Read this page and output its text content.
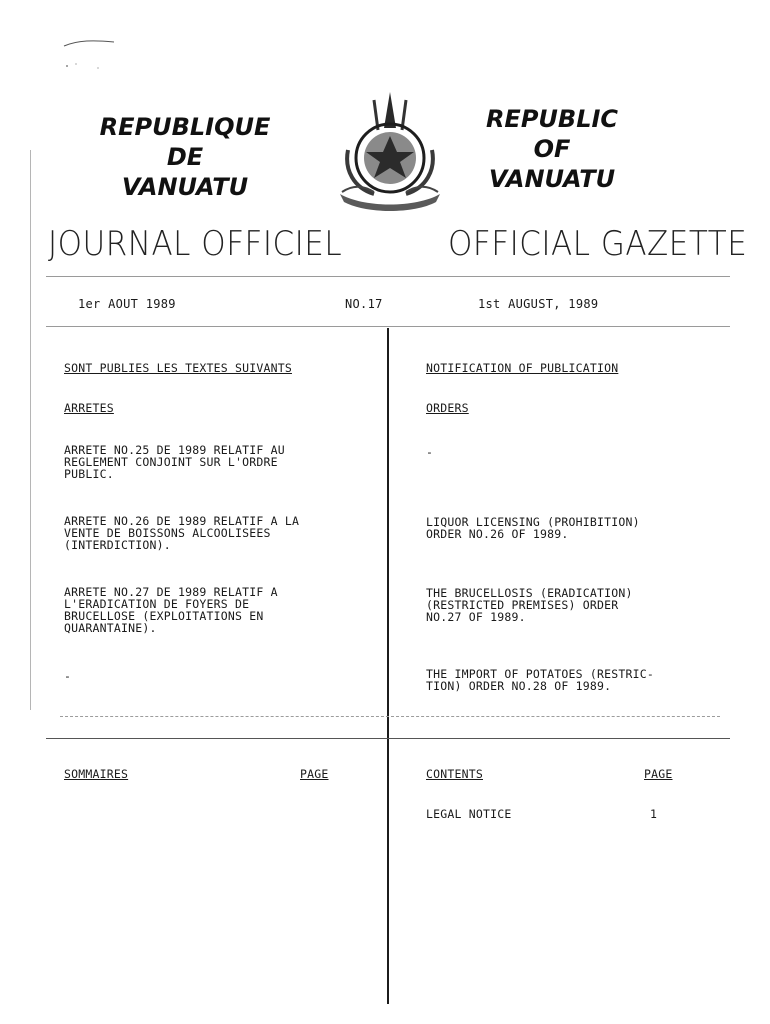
REPUBLIQUE
DE
VANUATU
REPUBLIC
OF
VANUATU
JOURNAL OFFICIEL	OFFICIAL GAZETTE
1er AOUT 1989	NO.17	1st AUGUST, 1989
SONT PUBLIES LES TEXTES SUIVANTS
ARRETES
ARRETE NO.25 DE 1989 RELATIF AU
REGLEMENT CONJOINT SUR L'ORDRE
PUBLIC.
ARRETE NO.26 DE 1989 RELATIF A LA
VENTE DE BOISSONS ALCOOLISEES
(INTERDICTION).
ARRETE NO.27 DE 1989 RELATIF A
L'ERADICATION DE FOYERS DE
BRUCELLOSE (EXPLOITATIONS EN
QUARANTAINE).
-
NOTIFICATION OF PUBLICATION
ORDERS
-
LIQUOR LICENSING (PROHIBITION)
ORDER NO.26 OF 1989.
THE BRUCELLOSIS (ERADICATION)
(RESTRICTED PREMISES) ORDER
NO.27 OF 1989.
THE IMPORT OF POTATOES (RESTRIC-
TION) ORDER NO.28 OF 1989.
SOMMAIRES	PAGE	CONTENTS	PAGE
LEGAL NOTICE	1
